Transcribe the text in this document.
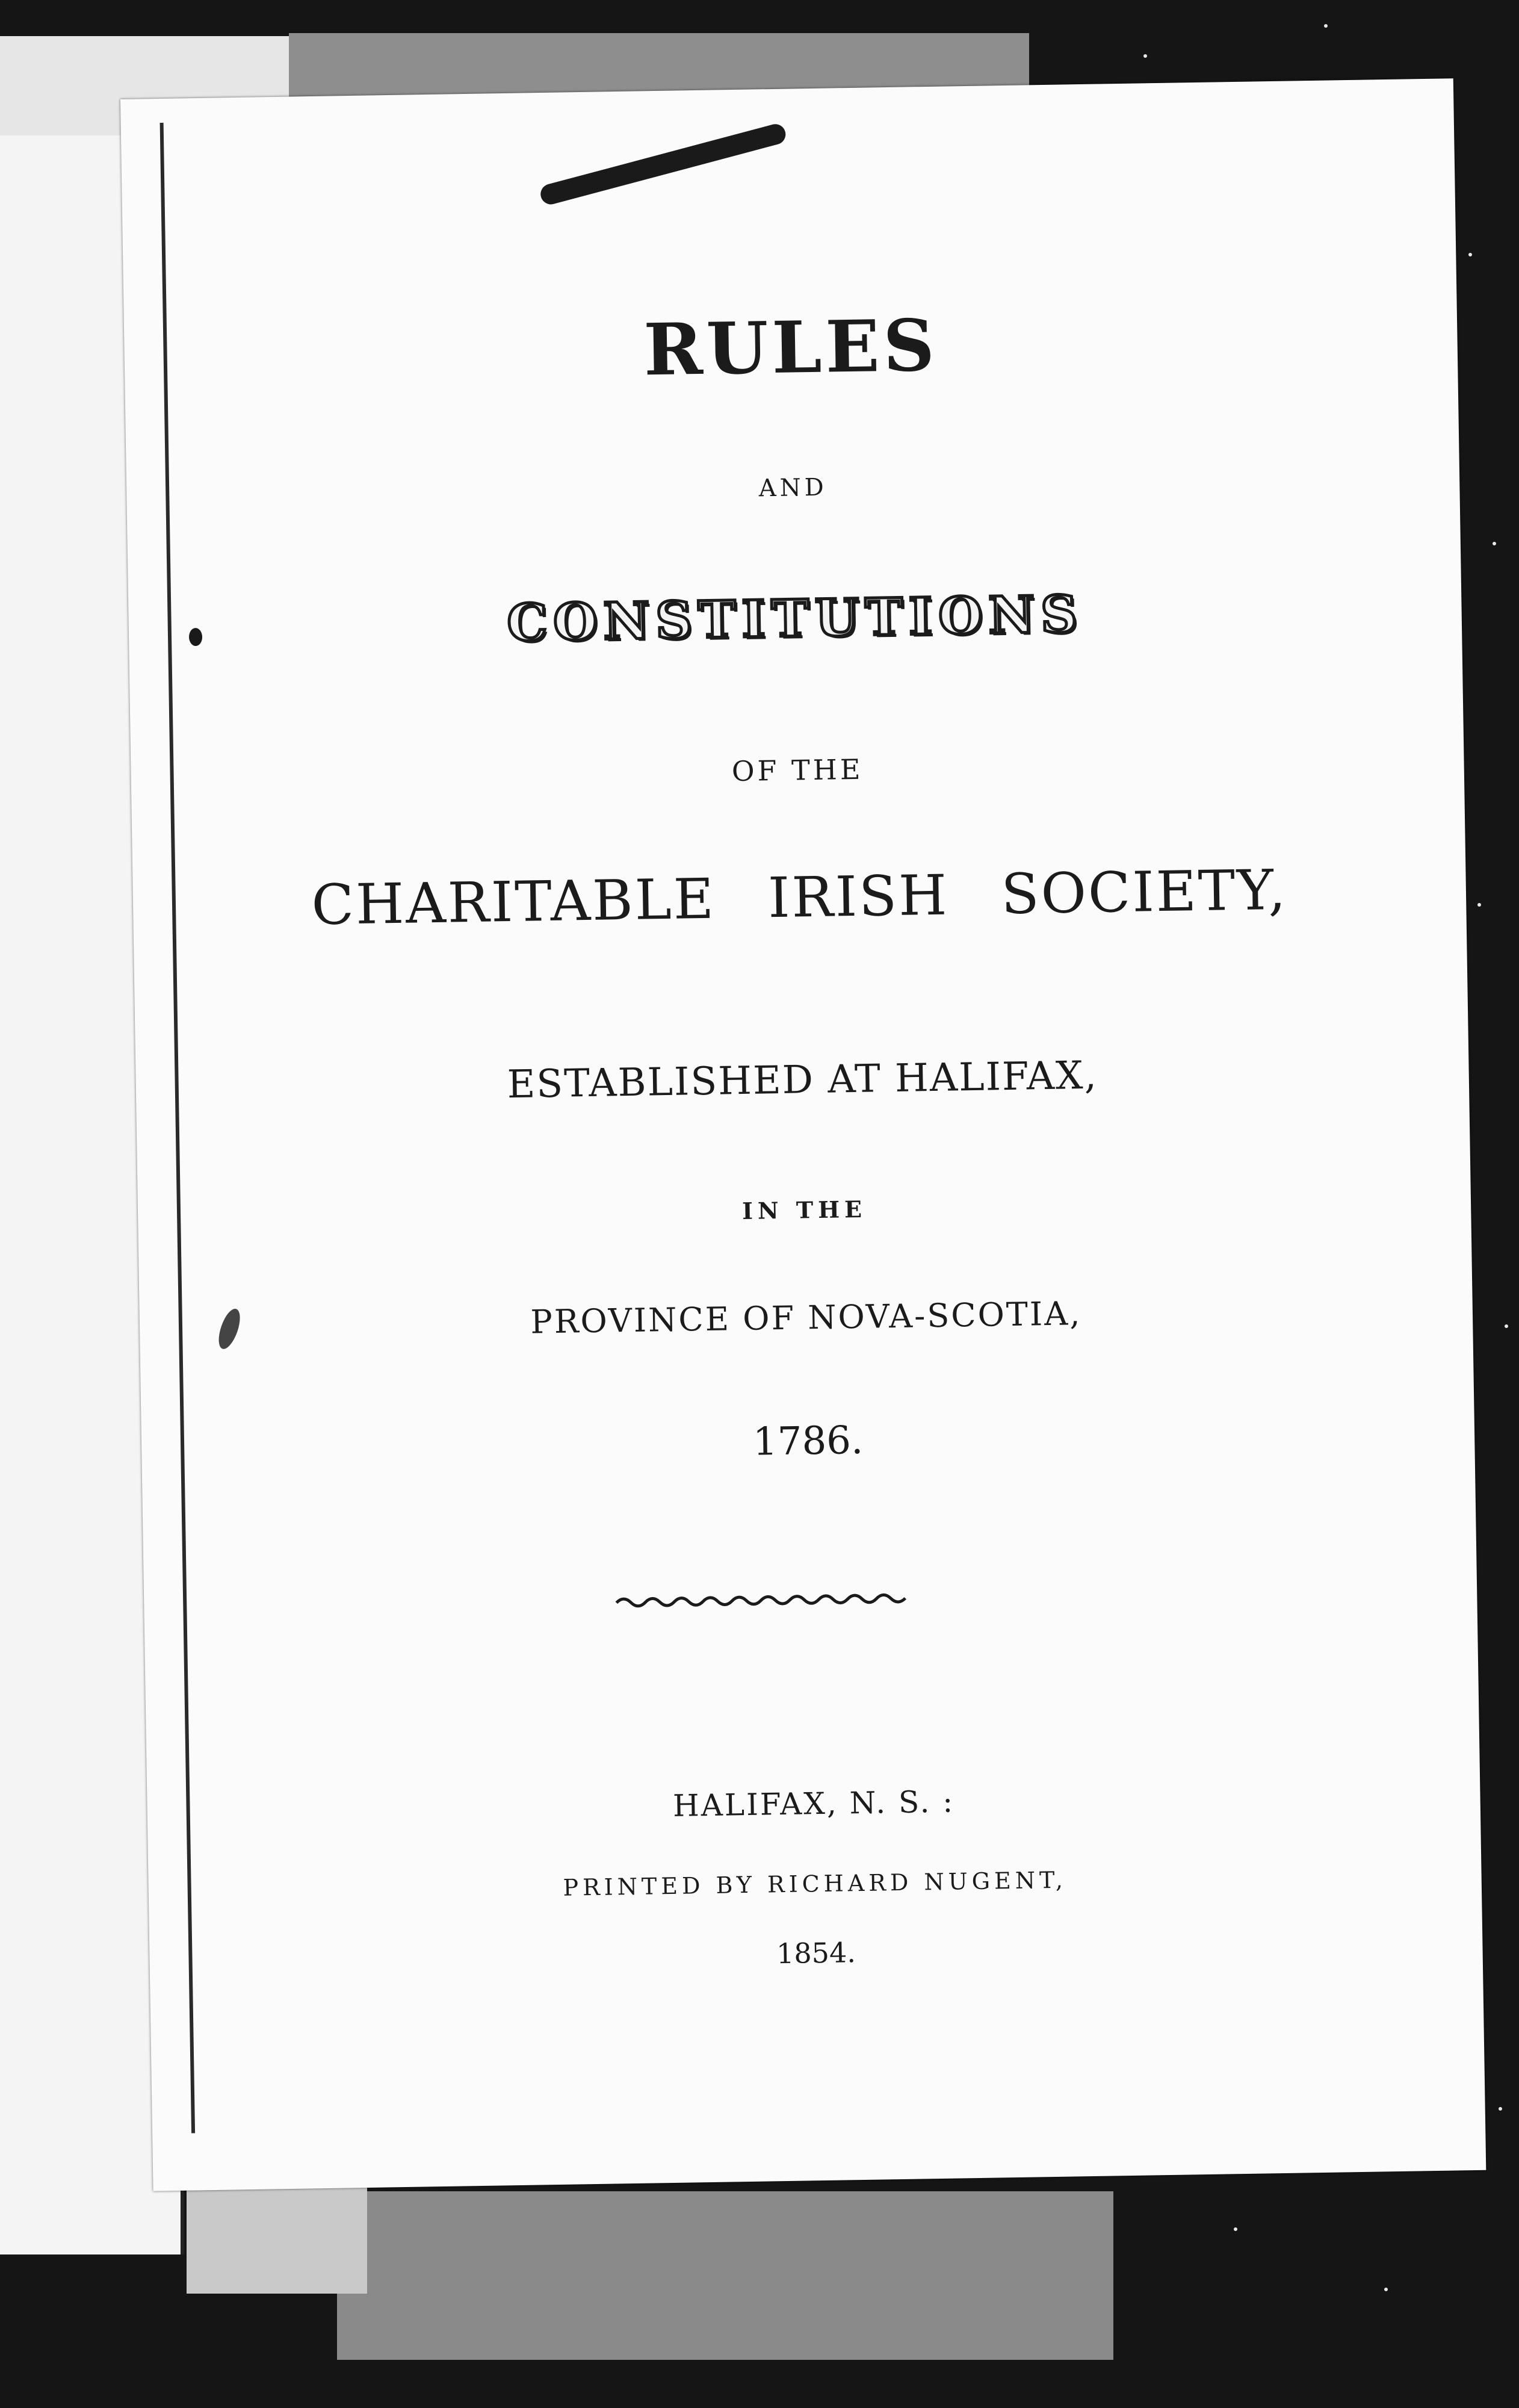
RULES
AND
CONSTITUTIONS
OF THE
CHARITABLE IRISH SOCIETY,
ESTABLISHED AT HALIFAX,
IN THE
PROVINCE OF NOVA-SCOTIA,
1786.
HALIFAX, N. S. :
PRINTED BY RICHARD NUGENT,
1854.
